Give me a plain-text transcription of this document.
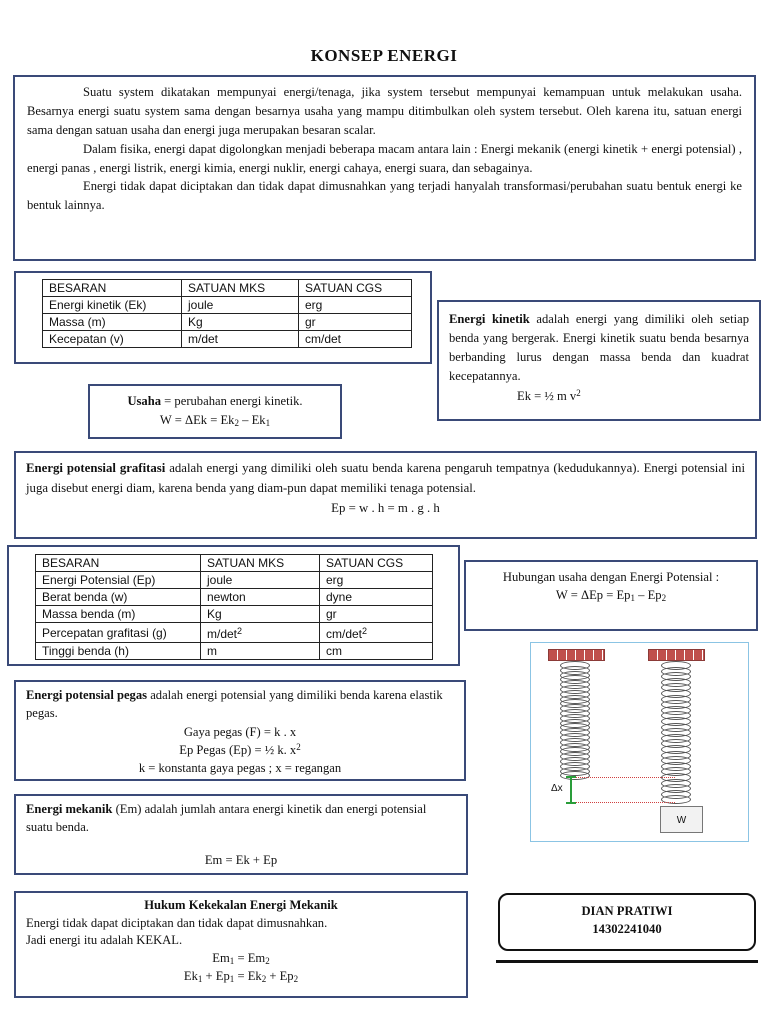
KONSEP ENERGI

Suatu system dikatakan mempunyai energi/tenaga, jika system tersebut mempunyai kemampuan untuk melakukan usaha. Besarnya energi suatu system sama dengan besarnya usaha yang mampu ditimbulkan oleh system tersebut. Oleh karena itu, satuan energi sama dengan satuan usaha dan energi juga merupakan besaran scalar.

Dalam fisika, energi dapat digolongkan menjadi beberapa macam antara lain : Energi mekanik (energi kinetik + energi potensial) , energi panas , energi listrik, energi kimia, energi nuklir, energi cahaya, energi suara, dan sebagainya.

Energi tidak dapat diciptakan dan tidak dapat dimusnahkan yang terjadi hanyalah transformasi/perubahan suatu bentuk energi ke bentuk lainnya.

BESARAN	SATUAN MKS	SATUAN CGS
Energi kinetik (Ek)	joule	erg
Massa (m)	Kg	gr
Kecepatan (v)	m/det	cm/det

Energi kinetik adalah energi yang dimiliki oleh setiap benda yang bergerak. Energi kinetik suatu benda besarnya berbanding lurus dengan massa benda dan kuadrat kecepatannya.

Ek = ½ m $v^2$

Usaha = perubahan energi kinetik.

$W = \Delta Ek = Ek_2 - Ek_1$

Energi potensial grafitasi adalah energi yang dimiliki oleh suatu benda karena pengaruh tempatnya (kedudukannya). Energi potensial ini juga disebut energi diam, karena benda yang diam-pun dapat memiliki tenaga potensial.

Ep = w . h = m . g . h

BESARAN	SATUAN MKS	SATUAN CGS
Energi Potensial (Ep)	joule	erg
Berat benda (w)	newton	dyne
Massa benda (m)	Kg	gr
Percepatan grafitasi (g)	$m/\det^2$	$cm/\det^2$
Tinggi benda (h)	m	cm

Hubungan usaha dengan Energi Potensial :

$W = \Delta Ep = Ep_1 - Ep_2$

Δx
W

Energi potensial pegas adalah energi potensial yang dimiliki benda karena elastik pegas.

Gaya pegas (F) = k . x

Ep Pegas (Ep) = ½ k. $x^2$

k = konstanta gaya pegas ; x = regangan

Energi mekanik (Em) adalah jumlah antara energi kinetik dan energi potensial suatu benda.

Em = Ek + Ep

Hukum Kekekalan Energi Mekanik

Energi tidak dapat diciptakan dan tidak dapat dimusnahkan.

Jadi energi itu adalah KEKAL.

$Em_1 = Em_2$

$Ek_1 + Ep_1 = Ek_2 + Ep_2$

DIAN PRATIWI
14302241040
